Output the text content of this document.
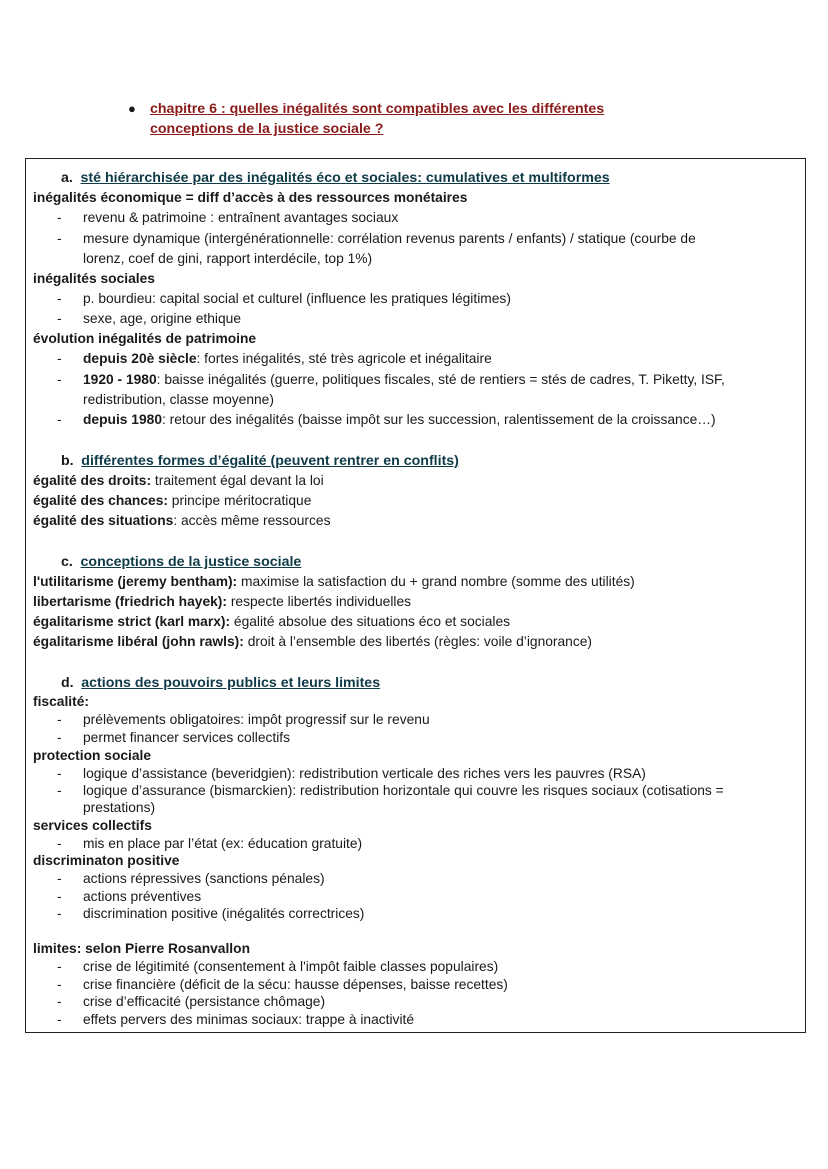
● chapitre 6 : quelles inégalités sont compatibles avec les différentes
conceptions de la justice sociale ?
a. sté hiérarchisée par des inégalités éco et sociales: cumulatives et multiformes
inégalités économique = diff d’accès à des ressources monétaires
- revenu & patrimoine : entraînent avantages sociaux
- mesure dynamique (intergénérationnelle: corrélation revenus parents / enfants) / statique (courbe de
lorenz, coef de gini, rapport interdécile, top 1%)
inégalités sociales
- p. bourdieu: capital social et culturel (influence les pratiques légitimes)
- sexe, age, origine ethique
évolution inégalités de patrimoine
- depuis 20è siècle: fortes inégalités, sté très agricole et inégalitaire
- 1920 - 1980: baisse inégalités (guerre, politiques fiscales, sté de rentiers = stés de cadres, T. Piketty, ISF,
redistribution, classe moyenne)
- depuis 1980: retour des inégalités (baisse impôt sur les succession, ralentissement de la croissance…)
b. différentes formes d’égalité (peuvent rentrer en conflits)
égalité des droits: traitement égal devant la loi
égalité des chances: principe méritocratique
égalité des situations: accès même ressources
c. conceptions de la justice sociale
l'utilitarisme (jeremy bentham): maximise la satisfaction du + grand nombre (somme des utilités)
libertarisme (friedrich hayek): respecte libertés individuelles
égalitarisme strict (karl marx): égalité absolue des situations éco et sociales
égalitarisme libéral (john rawls): droit à l’ensemble des libertés (règles: voile d’ignorance)
d. actions des pouvoirs publics et leurs limites
fiscalité:
- prélèvements obligatoires: impôt progressif sur le revenu
- permet financer services collectifs
protection sociale
- logique d’assistance (beveridgien): redistribution verticale des riches vers les pauvres (RSA)
- logique d’assurance (bismarckien): redistribution horizontale qui couvre les risques sociaux (cotisations =
prestations)
services collectifs
- mis en place par l’état (ex: éducation gratuite)
discriminaton positive
- actions répressives (sanctions pénales)
- actions préventives
- discrimination positive (inégalités correctrices)
limites: selon Pierre Rosanvallon
- crise de légitimité (consentement à l'impôt faible classes populaires)
- crise financière (déficit de la sécu: hausse dépenses, baisse recettes)
- crise d’efficacité (persistance chômage)
- effets pervers des minimas sociaux: trappe à inactivité
